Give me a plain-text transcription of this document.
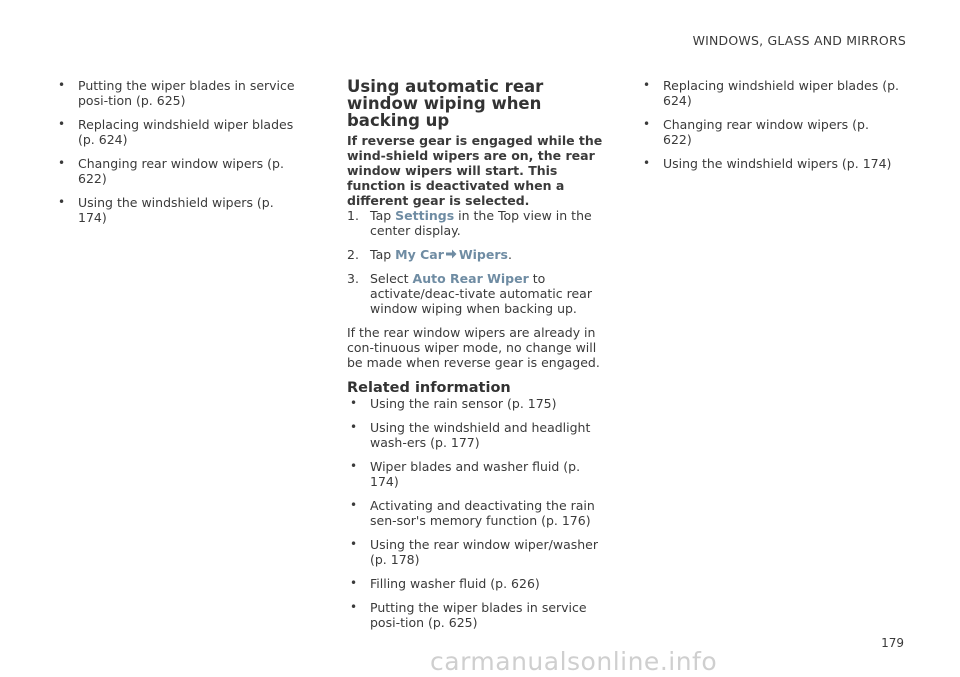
WINDOWS, GLASS AND MIRRORS
• Putting the wiper blades in service posi-tion (p. 625)
• Replacing windshield wiper blades (p. 624)
• Changing rear window wipers (p. 622)
• Using the windshield wipers (p. 174)
Using automatic rear window wiping when backing up

If reverse gear is engaged while the wind-shield wipers are on, the rear window wipers will start. This function is deactivated when a different gear is selected.

1. Tap Settings in the Top view in the center display.
2. Tap My Car Wipers.
3. Select Auto Rear Wiper to activate/deac-tivate automatic rear window wiping when backing up.

If the rear window wipers are already in con-tinuous wiper mode, no change will be made when reverse gear is engaged.

Related information
• Using the rain sensor (p. 175)
• Using the windshield and headlight wash-ers (p. 177)
• Wiper blades and washer fluid (p. 174)
• Activating and deactivating the rain sen-sor's memory function (p. 176)
• Using the rear window wiper/washer (p. 178)
• Filling washer fluid (p. 626)
• Putting the wiper blades in service posi-tion (p. 625)
• Replacing windshield wiper blades (p. 624)
• Changing rear window wipers (p. 622)
• Using the windshield wipers (p. 174)
179
carmanualsonline.info
